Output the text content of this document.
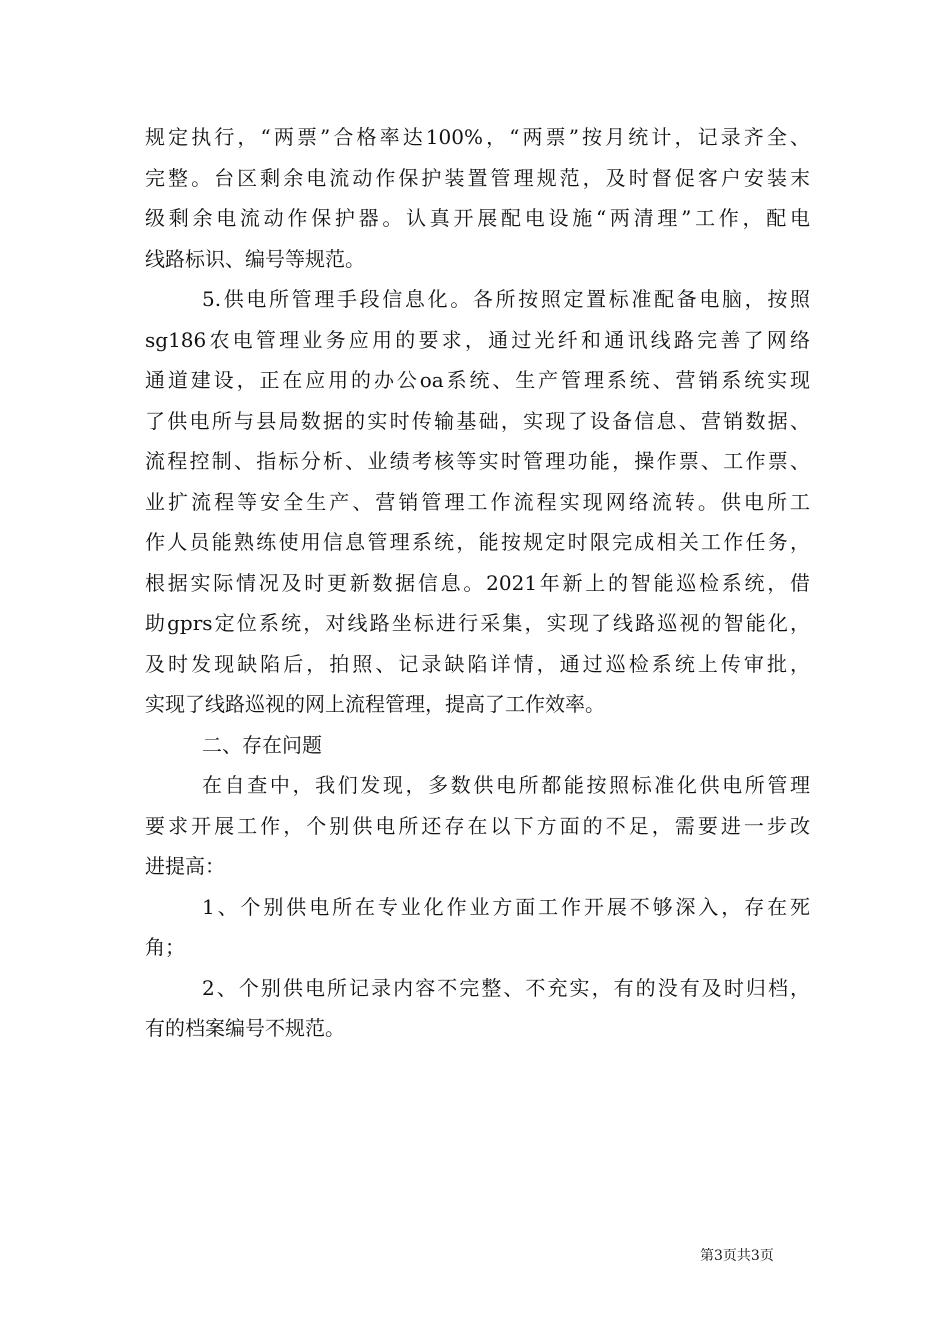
规定执行，“两票”合格率达100%，“两票”按月统计，记录齐全、
完整。台区剩余电流动作保护装置管理规范，及时督促客户安装末
级剩余电流动作保护器。认真开展配电设施“两清理”工作，配电
线路标识、编号等规范。
5.供电所管理手段信息化。各所按照定置标准配备电脑，按照
sg186农电管理业务应用的要求，通过光纤和通讯线路完善了网络
通道建设，正在应用的办公oa系统、生产管理系统、营销系统实现
了供电所与县局数据的实时传输基础，实现了设备信息、营销数据、
流程控制、指标分析、业绩考核等实时管理功能，操作票、工作票、
业扩流程等安全生产、营销管理工作流程实现网络流转。供电所工
作人员能熟练使用信息管理系统，能按规定时限完成相关工作任务，
根据实际情况及时更新数据信息。2021年新上的智能巡检系统，借
助gprs定位系统，对线路坐标进行采集，实现了线路巡视的智能化，
及时发现缺陷后，拍照、记录缺陷详情，通过巡检系统上传审批，
实现了线路巡视的网上流程管理，提高了工作效率。
二、存在问题
在自查中，我们发现，多数供电所都能按照标准化供电所管理
要求开展工作，个别供电所还存在以下方面的不足，需要进一步改
进提高：
1、个别供电所在专业化作业方面工作开展不够深入，存在死
角；
2、个别供电所记录内容不完整、不充实，有的没有及时归档，
有的档案编号不规范。
第3页共3页
